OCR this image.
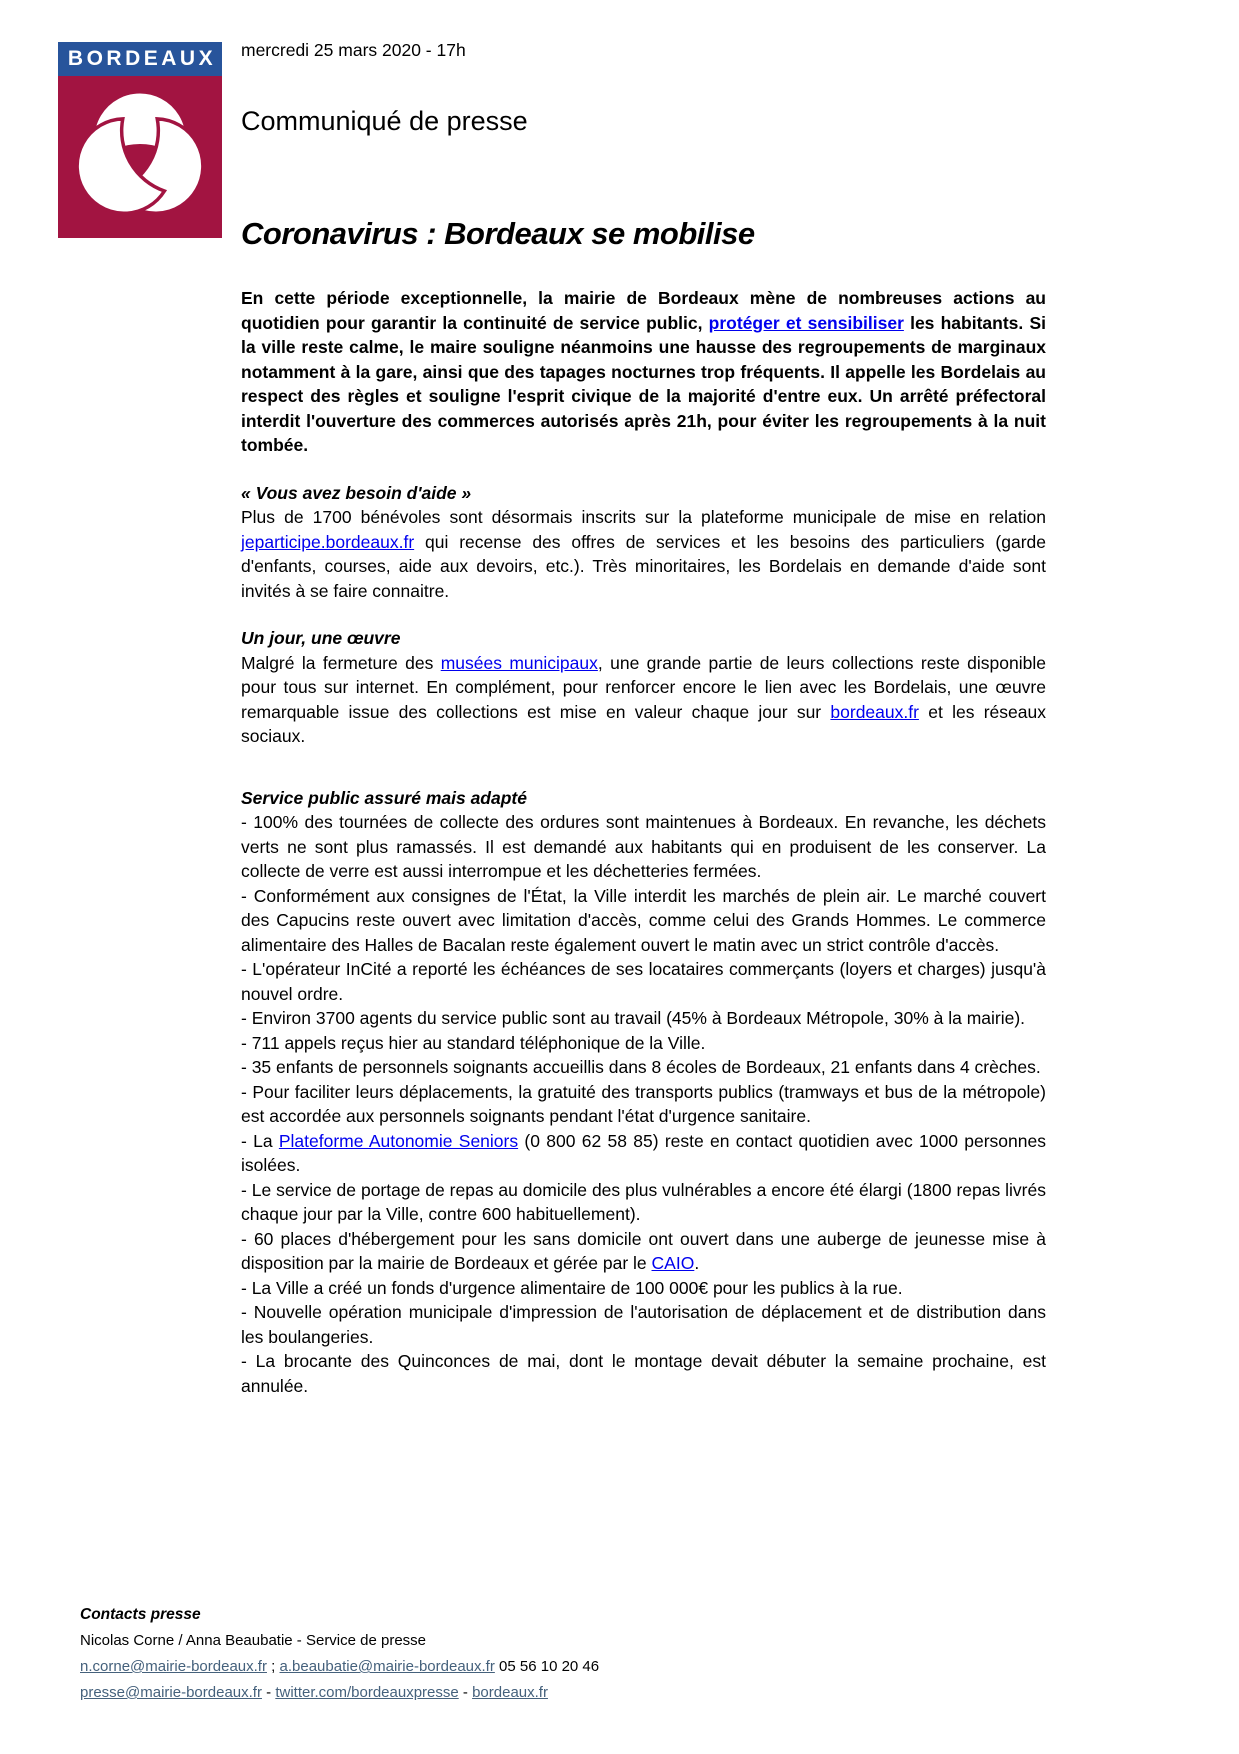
BORDEAUX	mercredi 25 mars 2020 - 17h
Communiqué de presse
Coronavirus : Bordeaux se mobilise

En cette période exceptionnelle, la mairie de Bordeaux mène de nombreuses actions au quotidien pour garantir la continuité de service public, protéger et sensibiliser les habitants. Si la ville reste calme, le maire souligne néanmoins une hausse des regroupements de marginaux notamment à la gare, ainsi que des tapages nocturnes trop fréquents. Il appelle les Bordelais au respect des règles et souligne l'esprit civique de la majorité d'entre eux. Un arrêté préfectoral interdit l'ouverture des commerces autorisés après 21h, pour éviter les regroupements à la nuit tombée.

« Vous avez besoin d'aide »

Plus de 1700 bénévoles sont désormais inscrits sur la plateforme municipale de mise en relation jeparticipe.bordeaux.fr qui recense des offres de services et les besoins des particuliers (garde d'enfants, courses, aide aux devoirs, etc.). Très minoritaires, les Bordelais en demande d'aide sont invités à se faire connaitre.

Un jour, une œuvre

Malgré la fermeture des musées municipaux, une grande partie de leurs collections reste disponible pour tous sur internet. En complément, pour renforcer encore le lien avec les Bordelais, une œuvre remarquable issue des collections est mise en valeur chaque jour sur bordeaux.fr et les réseaux sociaux.

Service public assuré mais adapté

- 100% des tournées de collecte des ordures sont maintenues à Bordeaux. En revanche, les déchets verts ne sont plus ramassés. Il est demandé aux habitants qui en produisent de les conserver. La collecte de verre est aussi interrompue et les déchetteries fermées.

- Conformément aux consignes de l'État, la Ville interdit les marchés de plein air. Le marché couvert des Capucins reste ouvert avec limitation d'accès, comme celui des Grands Hommes. Le commerce alimentaire des Halles de Bacalan reste également ouvert le matin avec un strict contrôle d'accès.

- L'opérateur InCité a reporté les échéances de ses locataires commerçants (loyers et charges) jusqu'à nouvel ordre.

- Environ 3700 agents du service public sont au travail (45% à Bordeaux Métropole, 30% à la mairie).

- 711 appels reçus hier au standard téléphonique de la Ville.

- 35 enfants de personnels soignants accueillis dans 8 écoles de Bordeaux, 21 enfants dans 4 crèches.

- Pour faciliter leurs déplacements, la gratuité des transports publics (tramways et bus de la métropole) est accordée aux personnels soignants pendant l'état d'urgence sanitaire.

- La Plateforme Autonomie Seniors (0 800 62 58 85) reste en contact quotidien avec 1000 personnes isolées.

- Le service de portage de repas au domicile des plus vulnérables a encore été élargi (1800 repas livrés chaque jour par la Ville, contre 600 habituellement).

- 60 places d'hébergement pour les sans domicile ont ouvert dans une auberge de jeunesse mise à disposition par la mairie de Bordeaux et gérée par le CAIO.

- La Ville a créé un fonds d'urgence alimentaire de 100 000€ pour les publics à la rue.

- Nouvelle opération municipale d'impression de l'autorisation de déplacement et de distribution dans les boulangeries.

- La brocante des Quinconces de mai, dont le montage devait débuter la semaine prochaine, est annulée.

Contacts presse
Nicolas Corne / Anna Beaubatie - Service de presse
n.corne@mairie-bordeaux.fr ; a.beaubatie@mairie-bordeaux.fr 05 56 10 20 46
presse@mairie-bordeaux.fr - twitter.com/bordeauxpresse - bordeaux.fr
